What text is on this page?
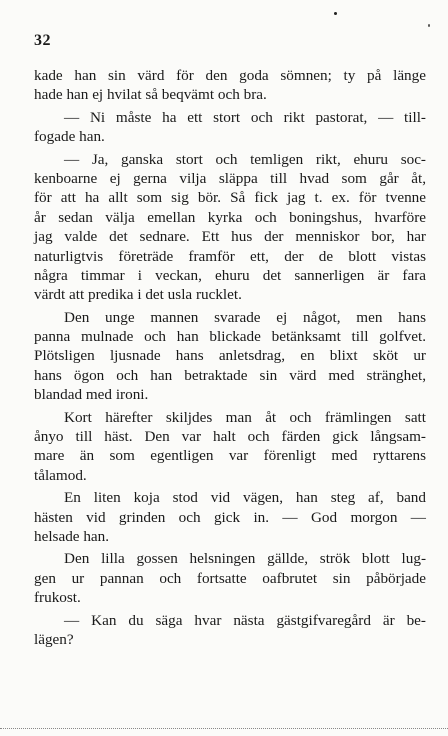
32
kade han sin värd för den goda sömnen; ty på länge
hade han ej hvilat så beqvämt och bra.
— Ni måste ha ett stort och rikt pastorat, — till-
fogade han.
— Ja, ganska stort och temligen rikt, ehuru soc-
kenboarne ej gerna vilja släppa till hvad som går åt,
för att ha allt som sig bör. Så fick jag t. ex. för tvenne
år sedan välja emellan kyrka och boningshus, hvarföre
jag valde det sednare. Ett hus der menniskor bor, har
naturligtvis företräde framför ett, der de blott vistas
några timmar i veckan, ehuru det sannerligen är fara
värdt att predika i det usla rucklet.
Den unge mannen svarade ej något, men hans
panna mulnade och han blickade betänksamt till golfvet.
Plötsligen ljusnade hans anletsdrag, en blixt sköt ur
hans ögon och han betraktade sin värd med stränghet,
blandad med ironi.
Kort härefter skiljdes man åt och främlingen satt
ånyo till häst. Den var halt och färden gick långsam-
mare än som egentligen var förenligt med ryttarens
tålamod.
En liten koja stod vid vägen, han steg af, band
hästen vid grinden och gick in. — God morgon —
helsade han.
Den lilla gossen helsningen gällde, strök blott lug-
gen ur pannan och fortsatte oafbrutet sin påbörjade
frukost.
— Kan du säga hvar nästa gästgifvaregård är be-
lägen?
